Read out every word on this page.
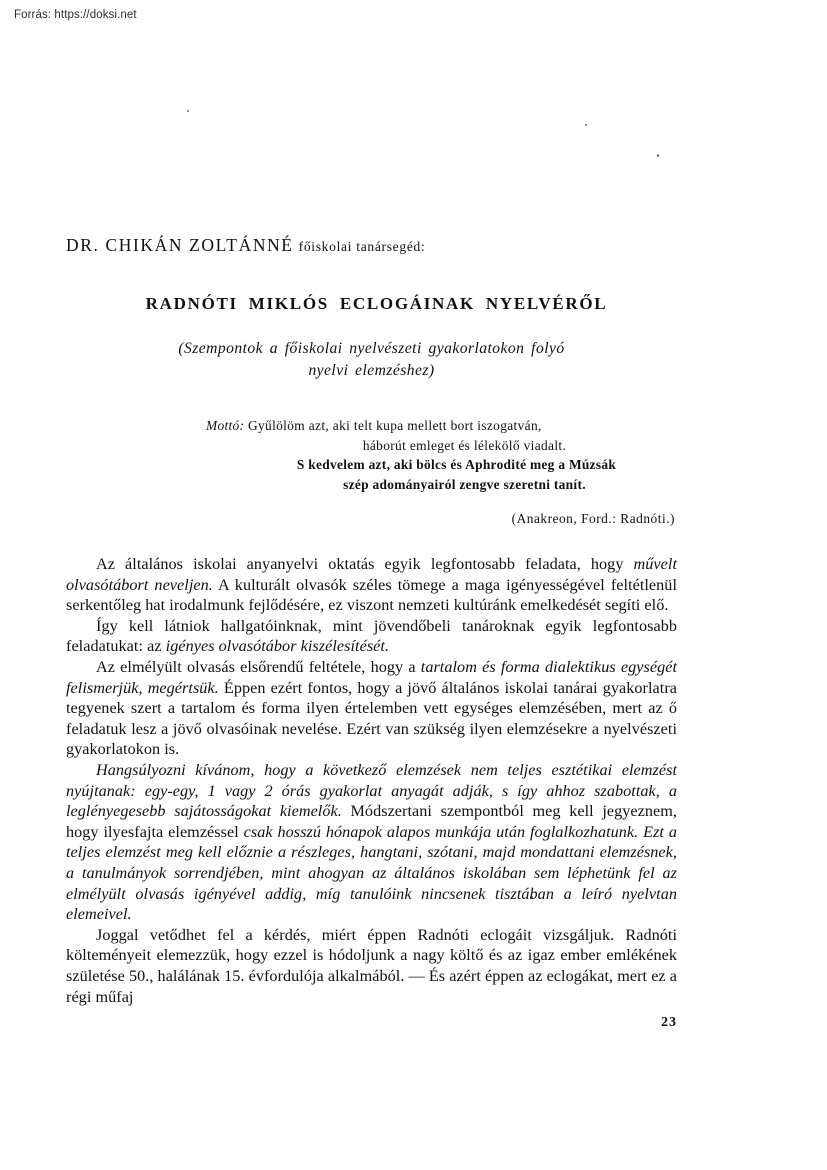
Forrás: https://doksi.net
DR. CHIKÁN ZOLTÁNNÉ főiskolai tanársegéd:
RADNÓTI MIKLÓS ECLOGÁINAK NYELVÉRŐL
(Szempontok a főiskolai nyelvészeti gyakorlatokon folyó
nyelvi elemzéshez)
Mottó: Gyűlölöm azt, aki telt kupa mellett bort iszogatván,
háborút emleget és lélekölő viadalt.
S kedvelem azt, aki bölcs és Aphrodité meg a Múzsák
szép adományairól zengve szeretni tanít.
(Anakreon, Ford.: Radnóti.)

Az általános iskolai anyanyelvi oktatás egyik legfontosabb feladata, hogy művelt olvasótábort neveljen. A kulturált olvasók széles tömege a maga igényességével feltétlenül serkentőleg hat irodalmunk fejlődésére, ez viszont nemzeti kultúránk emelkedését segíti elő.

Így kell látniok hallgatóinknak, mint jövendőbeli tanároknak egyik legfontosabb feladatukat: az igényes olvasótábor kiszélesítését.

Az elmélyült olvasás elsőrendű feltétele, hogy a tartalom és forma dialektikus egységét felismerjük, megértsük. Éppen ezért fontos, hogy a jövő általános iskolai tanárai gyakorlatra tegyenek szert a tartalom és forma ilyen értelemben vett egységes elemzésében, mert az ő feladatuk lesz a jövő olvasóinak nevelése. Ezért van szükség ilyen elemzésekre a nyelvészeti gyakorlatokon is.

Hangsúlyozni kívánom, hogy a következő elemzések nem teljes esztétikai elemzést nyújtanak: egy-egy, 1 vagy 2 órás gyakorlat anyagát adják, s így ahhoz szabottak, a leglényegesebb sajátosságokat kiemelők. Módszertani szempontból meg kell jegyeznem, hogy ilyesfajta elemzéssel csak hosszú hónapok alapos munkája után foglalkozhatunk. Ezt a teljes elemzést meg kell előznie a részleges, hangtani, szótani, majd mondattani elemzésnek, a tanulmányok sorrendjében, mint ahogyan az általános iskolában sem léphetünk fel az elmélyült olvasás igényével addig, míg tanulóink nincsenek tisztában a leíró nyelvtan elemeivel.

Joggal vetődhet fel a kérdés, miért éppen Radnóti eclogáit vizsgáljuk. Radnóti költeményeit elemezzük, hogy ezzel is hódoljunk a nagy költő és az igaz ember emlékének születése 50., halálának 15. évfordulója alkalmából. — És azért éppen az eclogákat, mert ez a régi műfaj

23
